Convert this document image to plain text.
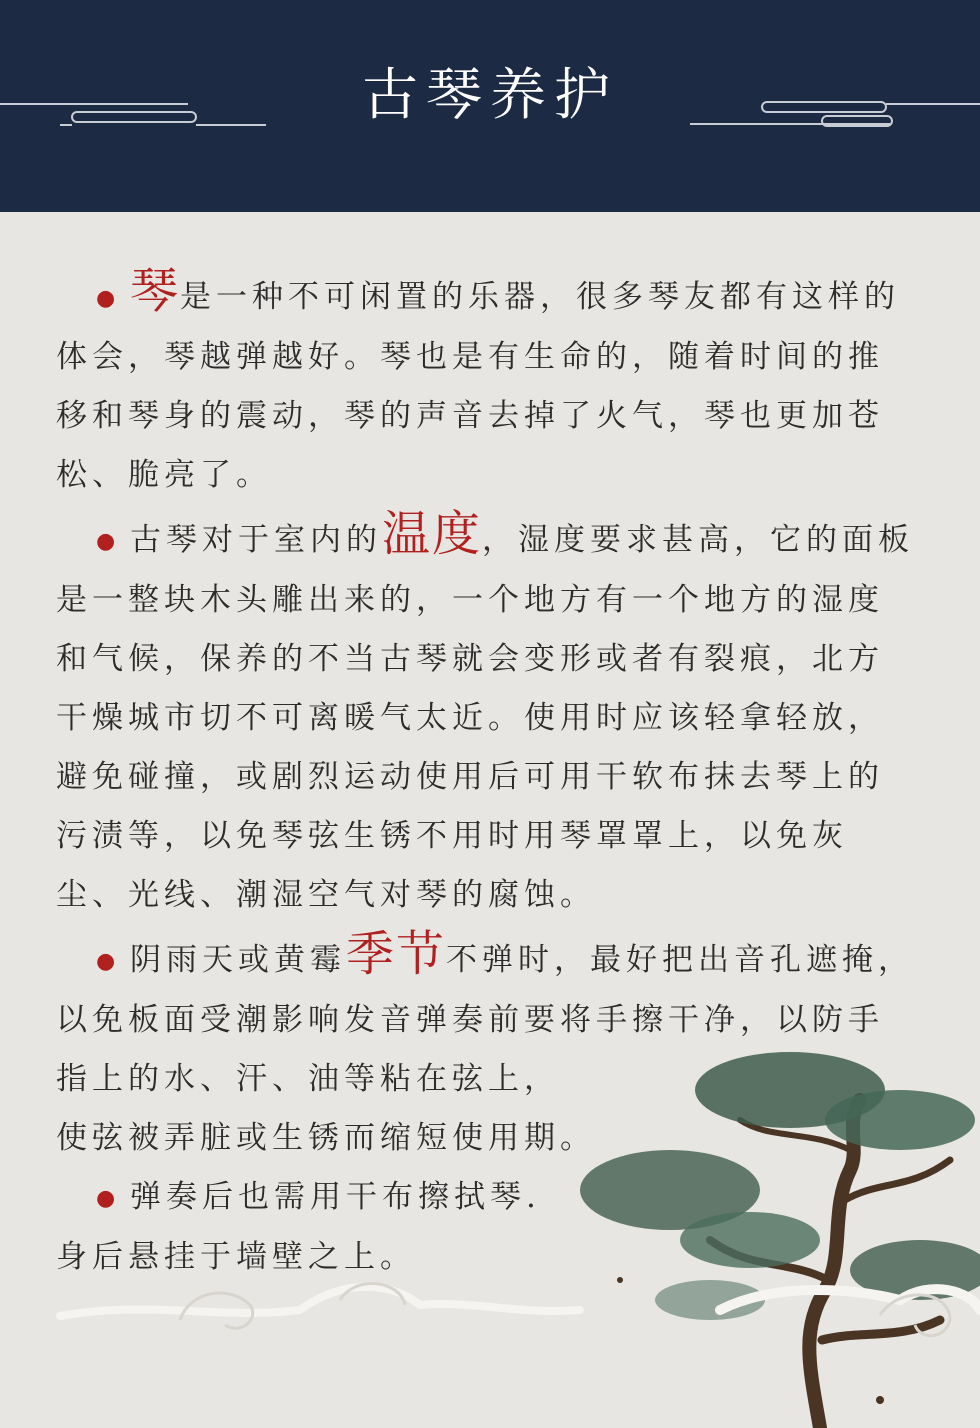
古琴养护

● 琴是一种不可闲置的乐器，很多琴友都有这样的体会，琴越弹越好。琴也是有生命的，随着时间的推移和琴身的震动，琴的声音去掉了火气，琴也更加苍松、脆亮了。

● 古琴对于室内的温度，湿度要求甚高，它的面板是一整块木头雕出来的，一个地方有一个地方的湿度和气候，保养的不当古琴就会变形或者有裂痕，北方干燥城市切不可离暖气太近。使用时应该轻拿轻放，避免碰撞，或剧烈运动使用后可用干软布抹去琴上的污渍等，以免琴弦生锈不用时用琴罩罩上，以免灰尘、光线、潮湿空气对琴的腐蚀。

● 阴雨天或黄霉季节不弹时，最好把出音孔遮掩，以免板面受潮影响发音弹奏前要将手擦干净，以防手指上的水、汗、油等粘在弦上，

使弦被弄脏或生锈而缩短使用期。

● 弹奏后也需用干布擦拭琴.

身后悬挂于墙壁之上。
